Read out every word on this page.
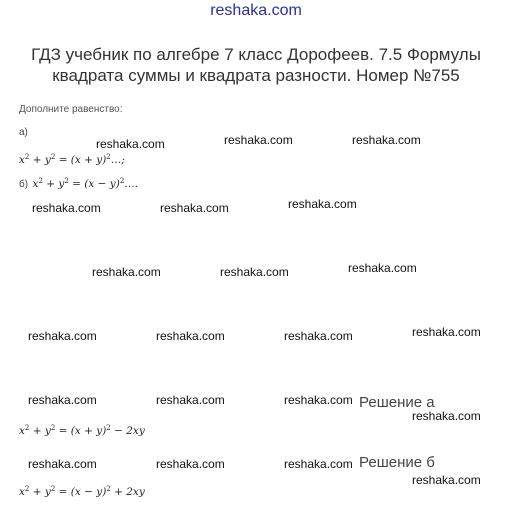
reshaka.com
ГДЗ учебник по алгебре 7 класс Дорофеев. 7.5 Формулы квадрата суммы и квадрата разности. Номер №755
Дополните равенство:
а)
$x^2 + y^2 = (x$ + $y)^2\dots$;
б) $x^2 + y^2 = (x$ − $y)^2\dots$.
Решение а
$x^2 + y^2 = (x + y)^2 - 2xy$
Решение б
$x^2 + y^2 = (x - y)^2 + 2xy$
reshaka.com	reshaka.com	reshaka.com
reshaka.com	reshaka.com	reshaka.com
reshaka.com	reshaka.com	reshaka.com
reshaka.com	reshaka.com	reshaka.com	reshaka.com
reshaka.com	reshaka.com	reshaka.com
reshaka.com
reshaka.com	reshaka.com	reshaka.com
reshaka.com
